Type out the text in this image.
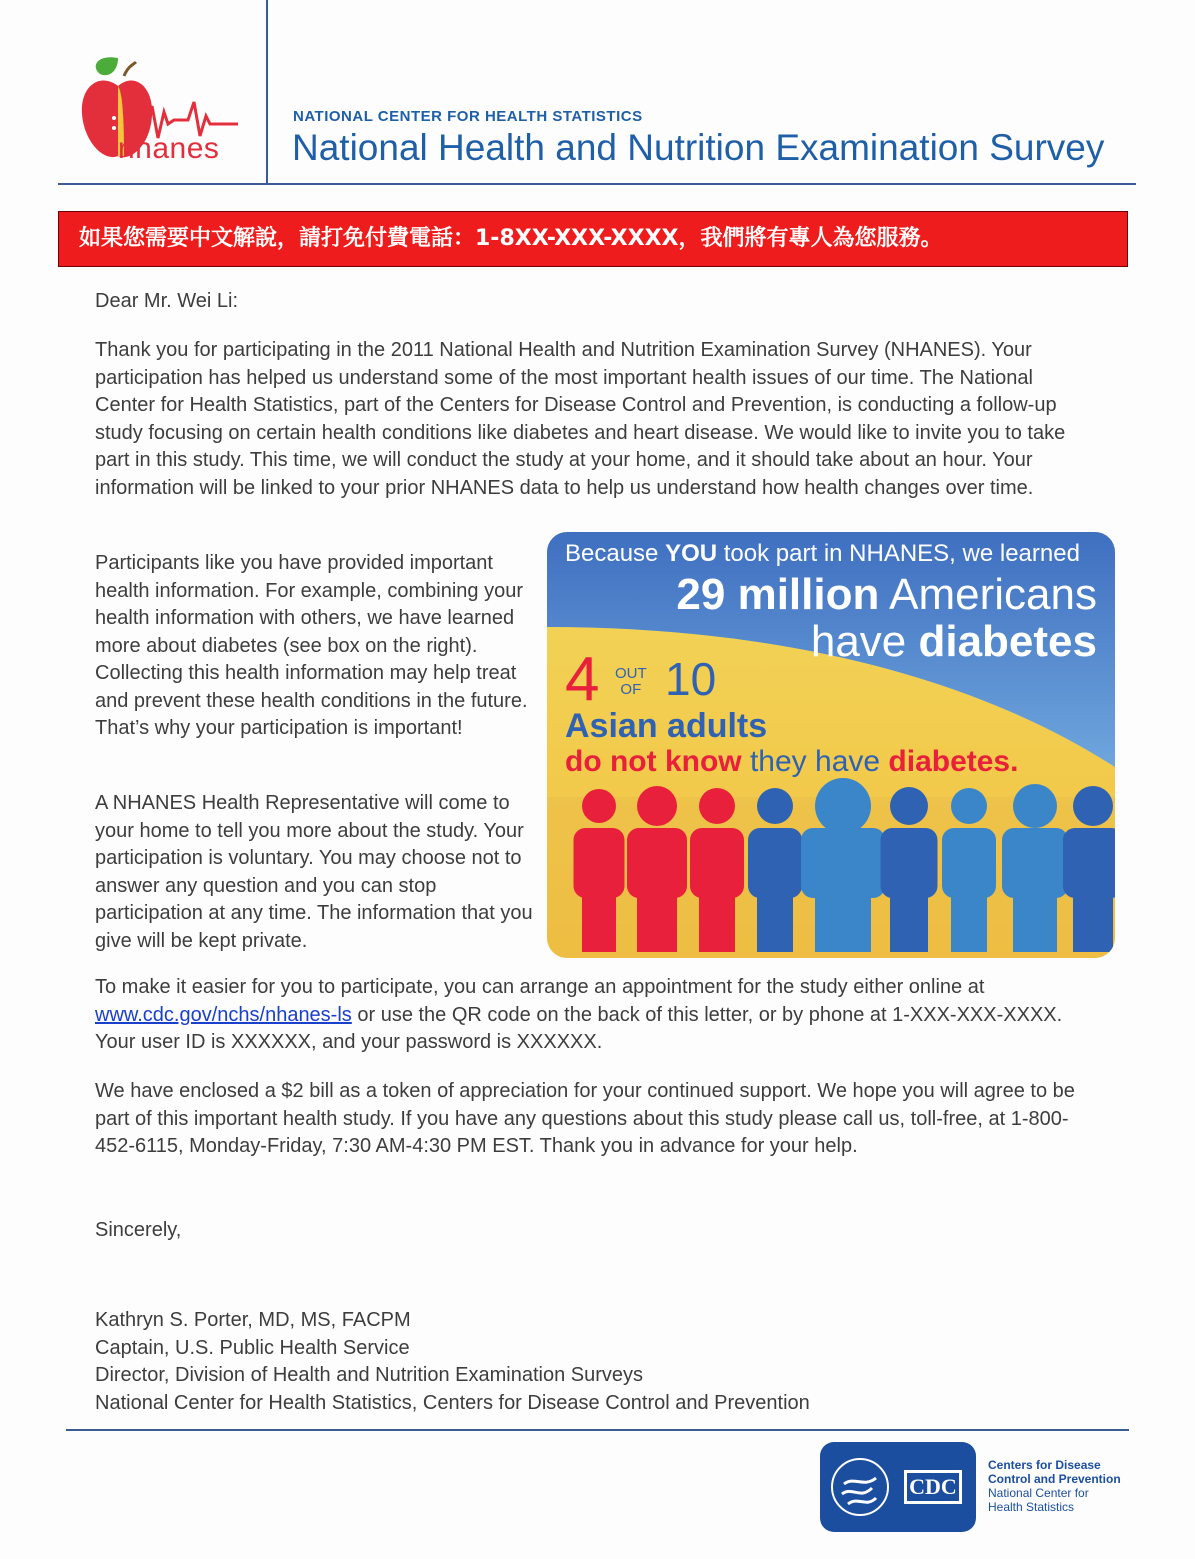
nhanes
NATIONAL CENTER FOR HEALTH STATISTICS
National Health and Nutrition Examination Survey
如果您需要中文解說，請打免付費電話：1-8XX-XXX-XXXX，我們將有專人為您服務。
Dear Mr. Wei Li:
Thank you for participating in the 2011 National Health and Nutrition Examination Survey (NHANES). Your participation has helped us understand some of the most important health issues of our time. The National Center for Health Statistics, part of the Centers for Disease Control and Prevention, is conducting a follow-up study focusing on certain health conditions like diabetes and heart disease. We would like to invite you to take part in this study. This time, we will conduct the study at your home, and it should take about an hour. Your information will be linked to your prior NHANES data to help us understand how health changes over time.
Participants like you have provided important health information. For example, combining your health information with others, we have learned more about diabetes (see box on the right). Collecting this health information may help treat and prevent these health conditions in the future. That’s why your participation is important!
A NHANES Health Representative will come to your home to tell you more about the study. Your participation is voluntary. You may choose not to answer any question and you can stop participation at any time. The information that you give will be kept private.
To make it easier for you to participate, you can arrange an appointment for the study either online at www.cdc.gov/nchs/nhanes-ls or use the QR code on the back of this letter, or by phone at 1-XXX-XXX-XXXX. Your user ID is XXXXXX, and your password is XXXXXX.
We have enclosed a $2 bill as a token of appreciation for your continued support. We hope you will agree to be part of this important health study. If you have any questions about this study please call us, toll-free, at 1-800-452-6115, Monday-Friday, 7:30 AM-4:30 PM EST. Thank you in advance for your help.
Sincerely,
Kathryn S. Porter, MD, MS, FACPM
Captain, U.S. Public Health Service
Director, Division of Health and Nutrition Examination Surveys
National Center for Health Statistics, Centers for Disease Control and Prevention
Because YOU took part in NHANES, we learned
29 million Americans
have diabetes
4 OUT
OF 10
Asian adults
do not know they have diabetes.
CDC
Centers for Disease
Control and Prevention
National Center for
Health Statistics
